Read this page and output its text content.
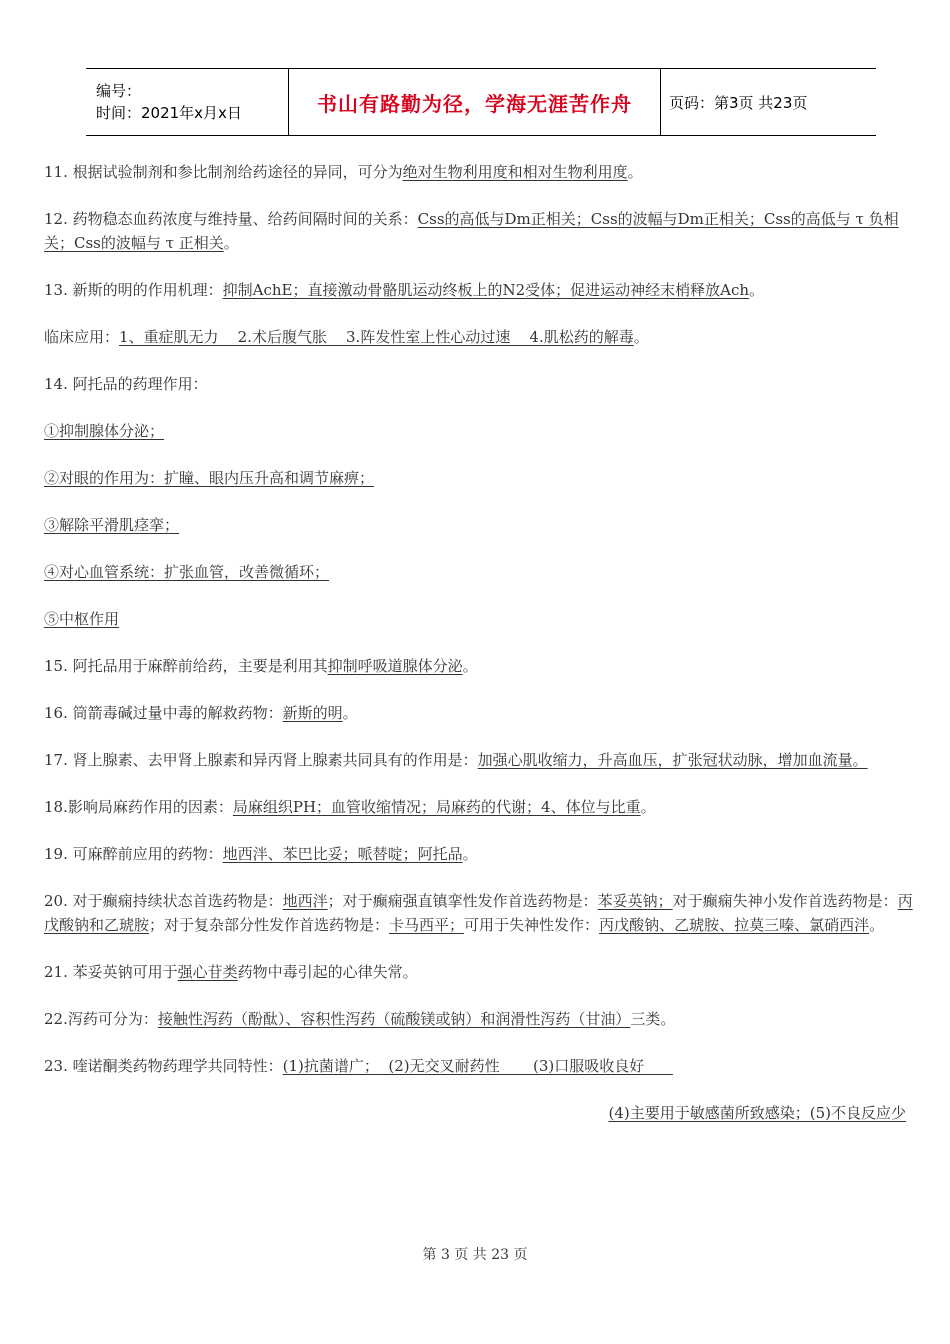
编号：
时间：2021年x月x日	书山有路勤为径，学海无涯苦作舟 页码：第3页 共23页

11. 根据试验制剂和参比制剂给药途径的异同，可分为绝对生物利用度和相对生物利用度。

12. 药物稳态血药浓度与维持量、给药间隔时间的关系：Css的高低与Dm正相关；Css的波幅与Dm正相关；Css的高低与 τ 负相关；Css的波幅与 τ 正相关。

13. 新斯的明的作用机理：抑制AchE；直接激动骨骼肌运动终板上的N2受体；促进运动神经末梢释放Ach。

临床应用：1、重症肌无力    2.术后腹气胀    3.阵发性室上性心动过速    4.肌松药的解毒。

14. 阿托品的药理作用：

①抑制腺体分泌；

②对眼的作用为：扩瞳、眼内压升高和调节麻痹；

③解除平滑肌痉挛；

④对心血管系统：扩张血管，改善微循环；

⑤中枢作用

15. 阿托品用于麻醉前给药，主要是利用其抑制呼吸道腺体分泌。

16. 筒箭毒碱过量中毒的解救药物：新斯的明。

17. 肾上腺素、去甲肾上腺素和异丙肾上腺素共同具有的作用是：加强心肌收缩力，升高血压，扩张冠状动脉，增加血流量。

18.影响局麻药作用的因素：局麻组织PH；血管收缩情况；局麻药的代谢；4、体位与比重。

19. 可麻醉前应用的药物：地西泮、苯巴比妥；哌替啶；阿托品。

20. 对于癫痫持续状态首选药物是：地西泮；对于癫痫强直镇挛性发作首选药物是：苯妥英钠；对于癫痫失神小发作首选药物是：丙戊酸钠和乙琥胺；对于复杂部分性发作首选药物是：卡马西平；可用于失神性发作：丙戊酸钠、乙琥胺、拉莫三嗪、氯硝西泮。

21. 苯妥英钠可用于强心苷类药物中毒引起的心律失常。

22.泻药可分为：接触性泻药（酚酞）、容积性泻药（硫酸镁或钠）和润滑性泻药（甘油）三类。

23. 喹诺酮类药物药理学共同特性：(1)抗菌谱广；  (2)无交叉耐药性       (3)口服吸收良好

(4)主要用于敏感菌所致感染；(5)不良反应少

第 3 页 共 23 页
